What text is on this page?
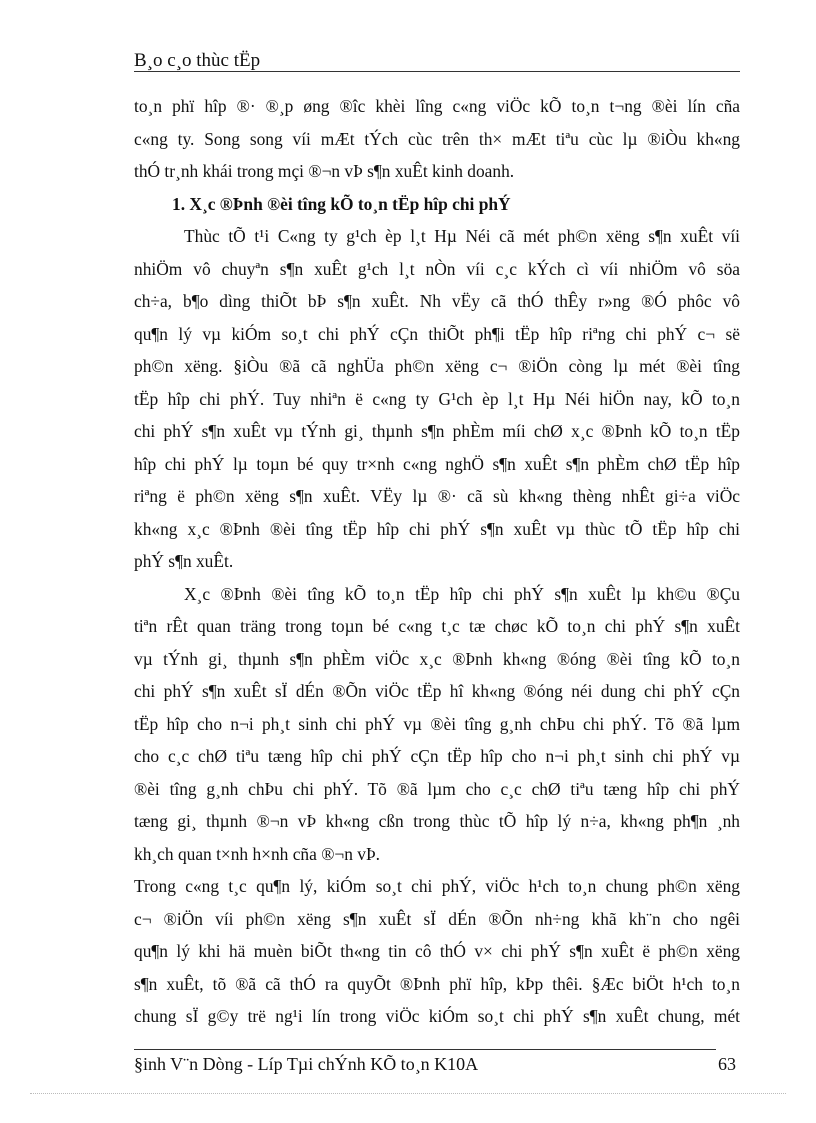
B¸o c¸o thùc tËp
to¸n phï hîp ®· ®¸p øng ®îc khèi lîng c«ng viÖc kÕ to¸n t¬ng ®èi lín cña
c«ng ty. Song song víi mÆt tÝch cùc trên th× mÆt tiªu cùc lµ ®iÒu kh«ng
thÓ tr¸nh khái trong mçi ®¬n vÞ s¶n xuÊt kinh doanh.
1. X¸c ®Þnh ®èi tîng kÕ to¸n tËp hîp chi phÝ
Thùc tÕ t¹i C«ng ty g¹ch èp l¸t Hµ Néi cã mét ph©n xëng s¶n xuÊt víi
nhiÖm vô chuyªn s¶n xuÊt g¹ch l¸t nÒn víi c¸c kÝch cì víi nhiÖm vô söa
ch÷a, b¶o dìng thiÕt bÞ s¶n xuÊt. Nh vËy cã thÓ thÊy r»ng ®Ó phôc vô
qu¶n lý vµ kiÓm so¸t chi phÝ cÇn thiÕt ph¶i tËp hîp riªng chi phÝ c¬ së
ph©n xëng. §iÒu ®ã cã nghÜa ph©n xëng c¬ ®iÖn còng lµ mét ®èi tîng
tËp hîp chi phÝ. Tuy nhiªn ë c«ng ty G¹ch èp l¸t Hµ Néi hiÖn nay, kÕ to¸n
chi phÝ s¶n xuÊt vµ tÝnh gi¸ thµnh s¶n phÈm míi chØ x¸c ®Þnh kÕ to¸n tËp
hîp chi phÝ lµ toµn bé quy tr×nh c«ng nghÖ s¶n xuÊt s¶n phÈm chØ tËp hîp
riªng ë ph©n xëng s¶n xuÊt. VËy lµ ®· cã sù kh«ng thèng nhÊt gi÷a viÖc
kh«ng x¸c ®Þnh ®èi tîng tËp hîp chi phÝ s¶n xuÊt vµ thùc tÕ tËp hîp chi
phÝ s¶n xuÊt.
X¸c ®Þnh ®èi tîng kÕ to¸n tËp hîp chi phÝ s¶n xuÊt lµ kh©u ®Çu
tiªn rÊt quan träng trong toµn bé c«ng t¸c tæ chøc kÕ to¸n chi phÝ s¶n xuÊt
vµ tÝnh gi¸ thµnh s¶n phÈm viÖc x¸c ®Þnh kh«ng ®óng ®èi tîng kÕ to¸n
chi phÝ s¶n xuÊt sÏ dÉn ®Õn viÖc tËp hî kh«ng ®óng néi dung chi phÝ cÇn
tËp hîp cho n¬i ph¸t sinh chi phÝ vµ ®èi tîng g¸nh chÞu chi phÝ. Tõ ®ã lµm
cho c¸c chØ tiªu tæng hîp chi phÝ cÇn tËp hîp cho n¬i ph¸t sinh chi phÝ vµ
®èi tîng g¸nh chÞu chi phÝ. Tõ ®ã lµm cho c¸c chØ tiªu tæng hîp chi phÝ
tæng gi¸ thµnh ®¬n vÞ kh«ng cßn trong thùc tÕ hîp lý n÷a, kh«ng ph¶n ¸nh
kh¸ch quan t×nh h×nh cña ®¬n vÞ.
Trong c«ng t¸c qu¶n lý, kiÓm so¸t chi phÝ, viÖc h¹ch to¸n chung ph©n xëng
c¬ ®iÖn víi ph©n xëng s¶n xuÊt sÏ dÉn ®Õn nh÷ng khã kh¨n cho ngêi
qu¶n lý khi hä muèn biÕt th«ng tin cô thÓ v× chi phÝ s¶n xuÊt ë ph©n xëng
s¶n xuÊt, tõ ®ã cã thÓ ra quyÕt ®Þnh phï hîp, kÞp thêi. §Æc biÖt h¹ch to¸n
chung sÏ g©y trë ng¹i lín trong viÖc kiÓm so¸t chi phÝ s¶n xuÊt chung, mét
§inh V¨n Dòng - Líp Tµi chÝnh KÕ to¸n K10A	63
